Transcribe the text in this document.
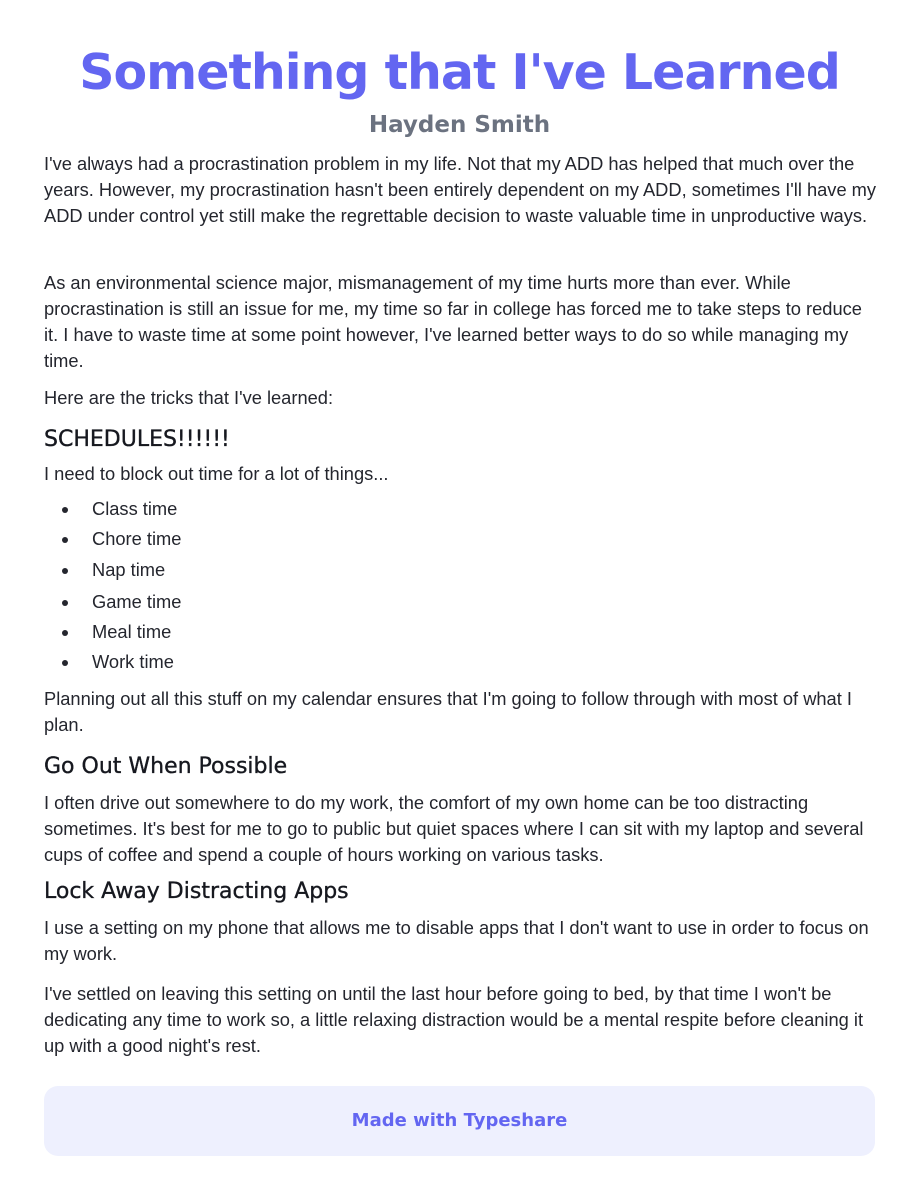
Something that I've Learned
Hayden Smith

I've always had a procrastination problem in my life. Not that my ADD has helped that much over the years. However, my procrastination hasn't been entirely dependent on my ADD, sometimes I'll have my ADD under control yet still make the regrettable decision to waste valuable time in unproductive ways.

As an environmental science major, mismanagement of my time hurts more than ever. While procrastination is still an issue for me, my time so far in college has forced me to take steps to reduce it. I have to waste time at some point however, I've learned better ways to do so while managing my time.

Here are the tricks that I've learned:

SCHEDULES!!!!!!

I need to block out time for a lot of things...

Class time
Chore time
Nap time
Game time
Meal time
Work time

Planning out all this stuff on my calendar ensures that I'm going to follow through with most of what I plan.

Go Out When Possible

I often drive out somewhere to do my work, the comfort of my own home can be too distracting sometimes. It's best for me to go to public but quiet spaces where I can sit with my laptop and several cups of coffee and spend a couple of hours working on various tasks.

Lock Away Distracting Apps

I use a setting on my phone that allows me to disable apps that I don't want to use in order to focus on my work.

I've settled on leaving this setting on until the last hour before going to bed, by that time I won't be dedicating any time to work so, a little relaxing distraction would be a mental respite before cleaning it up with a good night's rest.

Made with Typeshare
